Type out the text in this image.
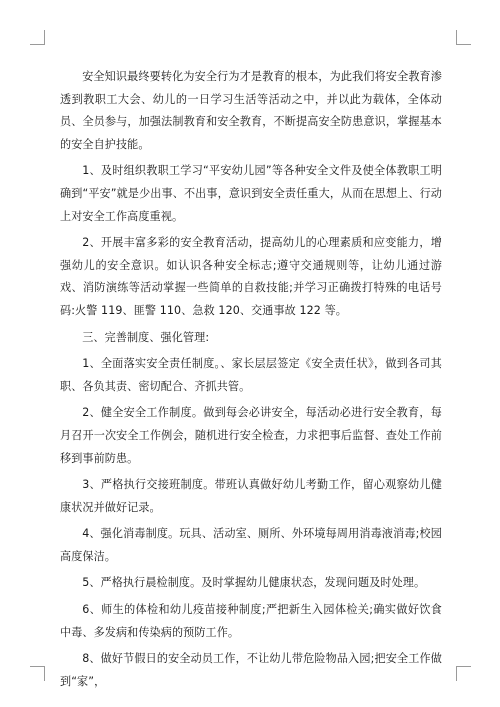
安全知识最终要转化为安全行为才是教育的根本，为此我们将安全教育渗透到教职工大会、幼儿的一日学习生活等活动之中，并以此为载体，全体动员、全员参与，加强法制教育和安全教育，不断提高安全防患意识，掌握基本的安全自护技能。

1、及时组织教职工学习“平安幼儿园”等各种安全文件及使全体教职工明确到“平安”就是少出事、不出事，意识到安全责任重大，从而在思想上、行动上对安全工作高度重视。

2、开展丰富多彩的安全教育活动，提高幼儿的心理素质和应变能力，增强幼儿的安全意识。如认识各种安全标志;遵守交通规则等，让幼儿通过游戏、消防演练等活动掌握一些简单的自救技能;并学习正确拨打特殊的电话号码:火警 119、匪警 110、急救 120、交通事故 122 等。

三、完善制度、强化管理:

1、全面落实安全责任制度。、家长层层签定《安全责任状》，做到各司其职、各负其责、密切配合、齐抓共管。

2、健全安全工作制度。做到每会必讲安全，每活动必进行安全教育，每月召开一次安全工作例会，随机进行安全检查，力求把事后监督、查处工作前移到事前防患。

3、严格执行交接班制度。带班认真做好幼儿考勤工作，留心观察幼儿健康状况并做好记录。

4、强化消毒制度。玩具、活动室、厕所、外环境每周用消毒液消毒;校园高度保洁。

5、严格执行晨检制度。及时掌握幼儿健康状态，发现问题及时处理。

6、师生的体检和幼儿疫苗接种制度;严把新生入园体检关;确实做好饮食中毒、多发病和传染病的预防工作。

8、做好节假日的安全动员工作，不让幼儿带危险物品入园;把安全工作做到“家”，
